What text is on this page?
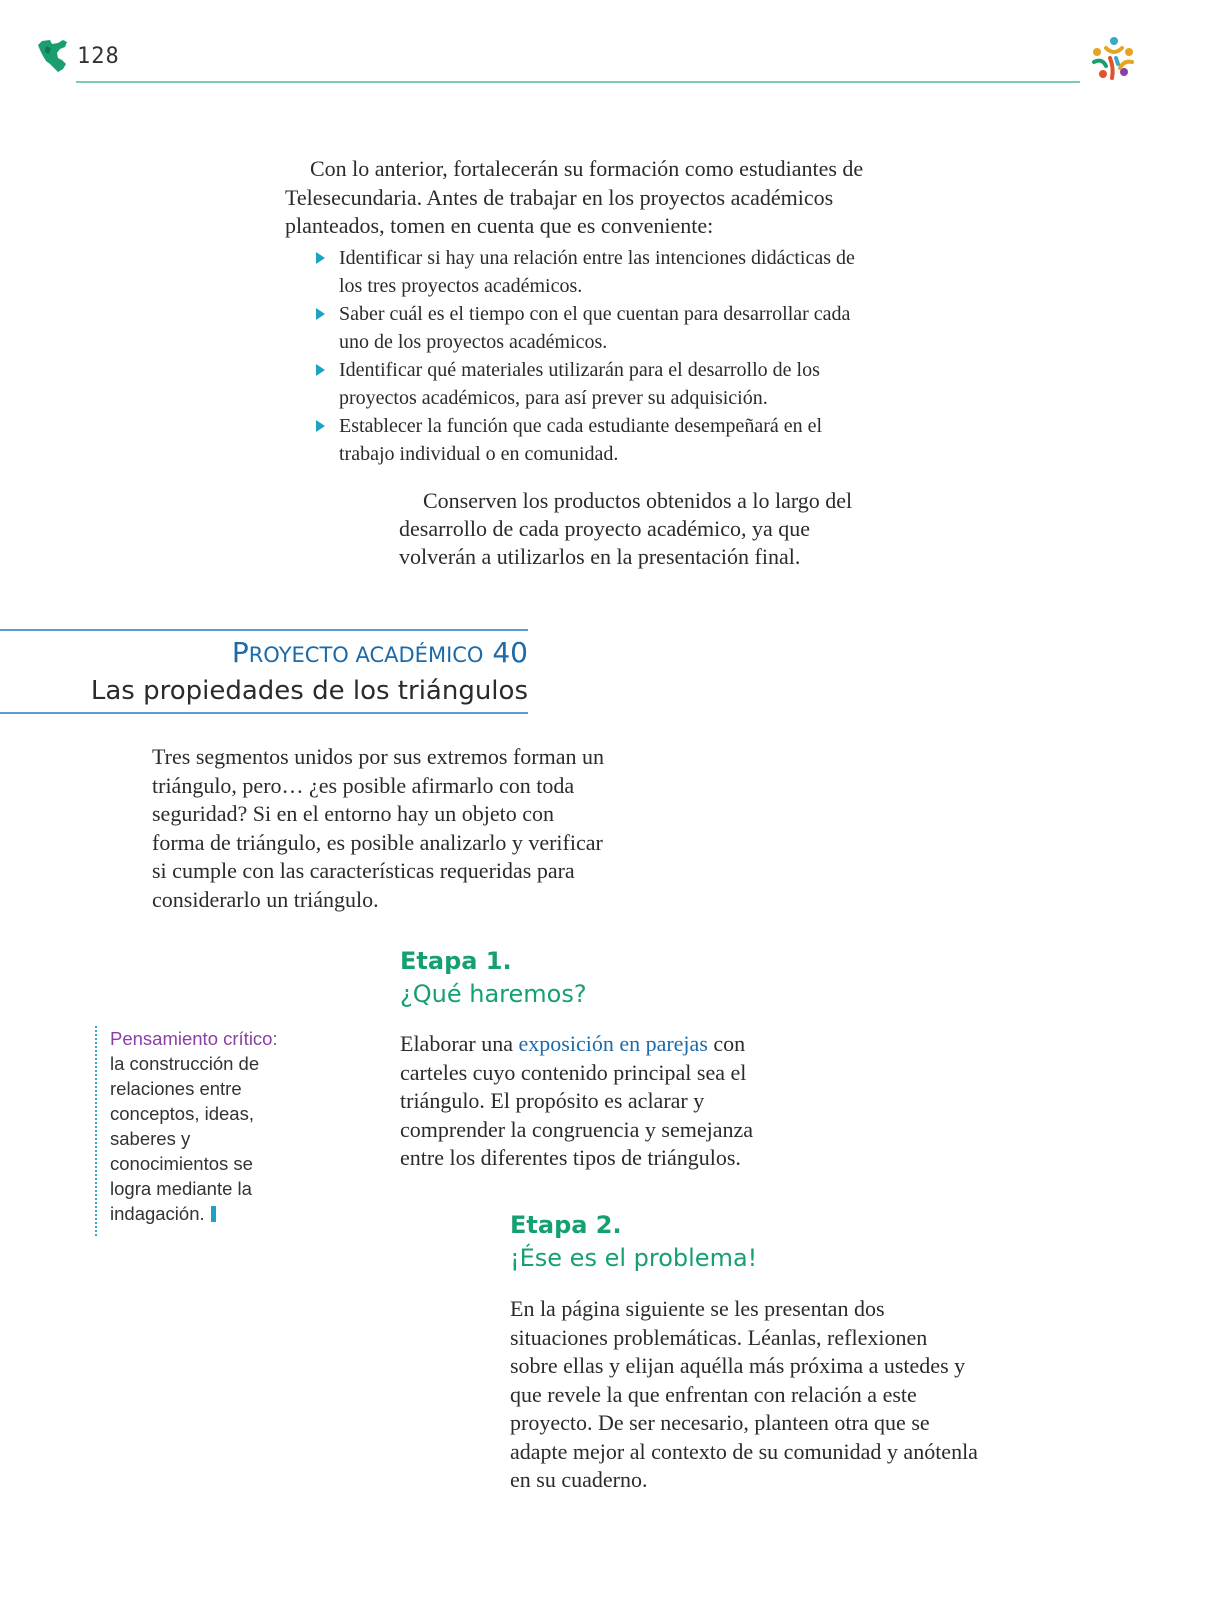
128

Con lo anterior, fortalecerán su formación como estudiantes de Telesecundaria. Antes de trabajar en los proyectos académicos planteados, tomen en cuenta que es conveniente:

Identificar si hay una relación entre las intenciones didácticas de los tres proyectos académicos.
Saber cuál es el tiempo con el que cuentan para desarrollar cada uno de los proyectos académicos.
Identificar qué materiales utilizarán para el desarrollo de los proyectos académicos, para así prever su adquisición.
Establecer la función que cada estudiante desempeñará en el trabajo individual o en comunidad.

Conserven los productos obtenidos a lo largo del desarrollo de cada proyecto académico, ya que volverán a utilizarlos en la presentación final.

PROYECTO ACADÉMICO 40
Las propiedades de los triángulos

Tres segmentos unidos por sus extremos forman un triángulo, pero… ¿es posible afirmarlo con toda seguridad? Si en el entorno hay un objeto con forma de triángulo, es posible analizarlo y verificar si cumple con las características requeridas para considerarlo un triángulo.

Etapa 1.

¿Qué haremos?

Elaborar una exposición en parejas con carteles cuyo contenido principal sea el triángulo. El propósito es aclarar y comprender la congruencia y semejanza entre los diferentes tipos de triángulos.

Pensamiento crítico:
la construcción de relaciones entre conceptos, ideas, saberes y conocimientos se logra mediante la indagación.	Etapa 2.

¡Ése es el problema!

En la página siguiente se les presentan dos situaciones problemáticas. Léanlas, reflexionen sobre ellas y elijan aquélla más próxima a ustedes y que revele la que enfrentan con relación a este proyecto. De ser necesario, planteen otra que se adapte mejor al contexto de su comunidad y anótenla en su cuaderno.
